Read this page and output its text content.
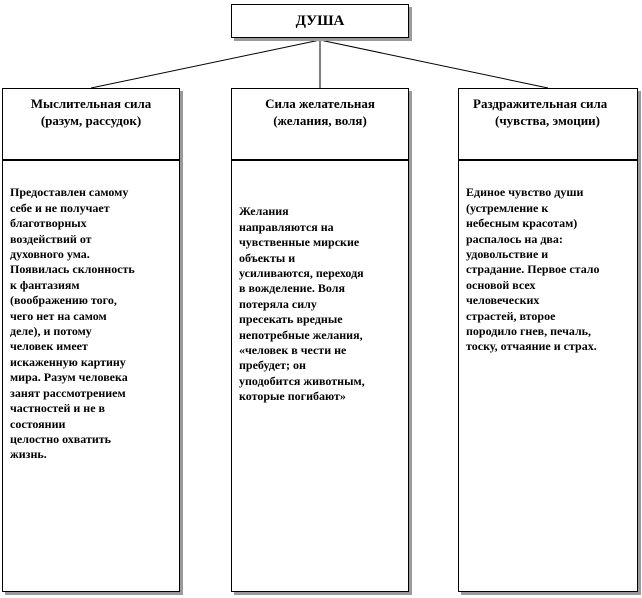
ДУША
Мыслительная сила
(разум, рассудок)
Сила желательная
(желания, воля)
Раздражительная сила
(чувства, эмоции)

Предоставлен самому
себе и не получает
благотворных
воздействий от
духовного ума.
Появилась склонность
к фантазиям
(воображению того,
чего нет на самом
деле), и потому
человек имеет
искаженную картину
мира. Разум человека
занят рассмотрением
частностей и не в
состоянии
целостно охватить
жизнь.

Желания
направляются на
чувственные мирские
объекты и
усиливаются, переходя
в вожделение. Воля
потеряла силу
пресекать вредные
непотребные желания,
«человек в чести не
пребудет; он
уподобится животным,
которые погибают»

Единое чувство души
(устремление к
небесным красотам)
распалось на два:
удовольствие и
страдание. Первое стало
основой всех
человеческих
страстей, второе
породило гнев, печаль,
тоску, отчаяние и страх.
